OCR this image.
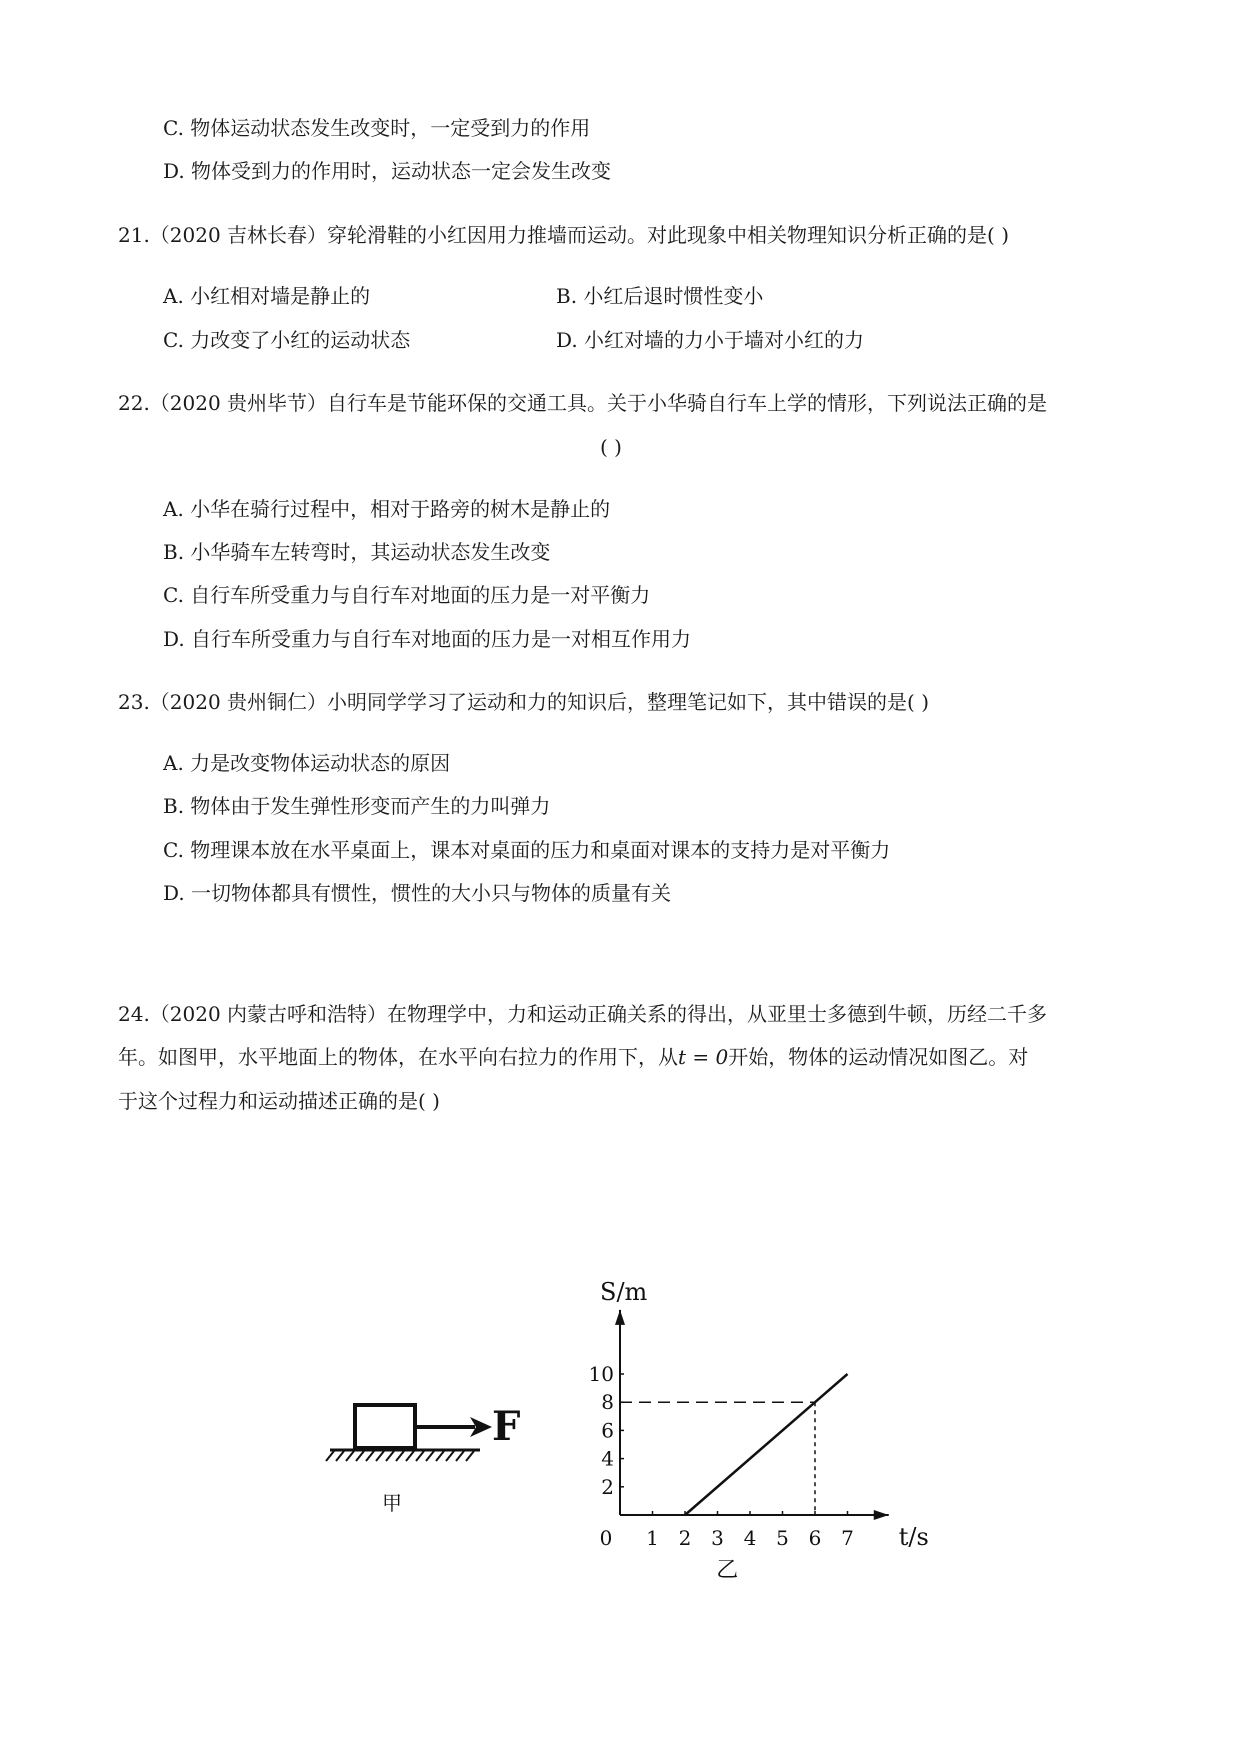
C. 物体运动状态发生改变时，一定受到力的作用
D. 物体受到力的作用时，运动状态一定会发生改变
21.（2020 吉林长春）穿轮滑鞋的小红因用力推墙而运动。对此现象中相关物理知识分析正确的是( )
A. 小红相对墙是静止的	B. 小红后退时惯性变小
C. 力改变了小红的运动状态	D. 小红对墙的力小于墙对小红的力
22.（2020 贵州毕节）自行车是节能环保的交通工具。关于小华骑自行车上学的情形，下列说法正确的是
( )
A. 小华在骑行过程中，相对于路旁的树木是静止的
B. 小华骑车左转弯时，其运动状态发生改变
C. 自行车所受重力与自行车对地面的压力是一对平衡力
D. 自行车所受重力与自行车对地面的压力是一对相互作用力
23.（2020 贵州铜仁）小明同学学习了运动和力的知识后，整理笔记如下，其中错误的是( )
A. 力是改变物体运动状态的原因
B. 物体由于发生弹性形变而产生的力叫弹力
C. 物理课本放在水平桌面上，课本对桌面的压力和桌面对课本的支持力是对平衡力
D. 一切物体都具有惯性，惯性的大小只与物体的质量有关
24.（2020 内蒙古呼和浩特）在物理学中，力和运动正确关系的得出，从亚里士多德到牛顿，历经二千多
年。如图甲，水平地面上的物体，在水平向右拉力的作用下，从t = 0开始，物体的运动情况如图乙。对
于这个过程力和运动描述正确的是( )
F
甲
S/m
t/s
0 1 2 3 4 5 6 7
2
4
6
8
10
乙
